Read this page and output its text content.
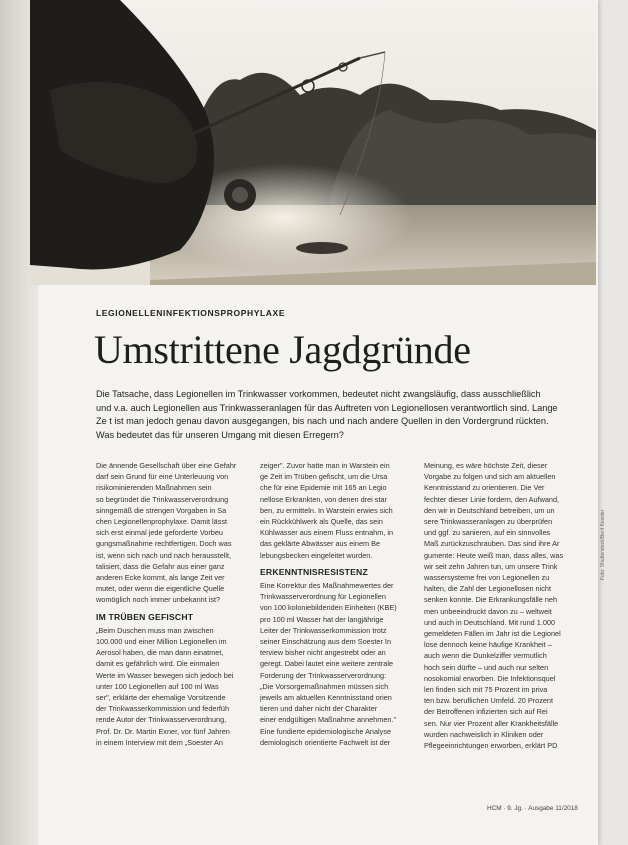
LEGIONELLENINFEKTIONSPROPHYLAXE
Umstrittene Jagdgründe
Die Tatsache, dass Legionellen im Trinkwasser vorkommen, bedeutet nicht zwangsläufig, dass ausschließlich
und v.a. auch Legionellen aus Trinkwasseranlagen für das Auftreten von Legionellosen verantwortlich sind. Lange
Ze t ist man jedoch genau davon ausgegangen, bis nach und nach andere Quellen in den Vordergrund rückten.
Was bedeutet das für unseren Umgang mit diesen Erregern?
Die ännende Gesellschaft über eine Gefahr
darf sein Grund für eine Unterleuung von
risikominierenden Maßnahmen sein
so begründet die Trinkwasserverordnung
sinngemäß die strengen Vorgaben in Sa
chen Legionellenprophylaxe. Damit lässt
sich erst einmal jede geforderte Vorbeu
gungsmaßnahme rechtfertigen. Doch was
ist, wenn sich nach und nach herausstellt,
talisiert, dass die Gefahr aus einer ganz
anderen Ecke kommt, als lange Zeit ver
mutet, oder wenn die eigentliche Quelle
womöglich noch immer unbekannt ist?
IM TRÜBEN GEFISCHT
„Beim Duschen muss man zwischen
100.000 und einer Million Legionellen im
Aerosol haben, die man dann einatmet,
damit es gefährlich wird. Die einmalen
Werte im Wasser bewegen sich jedoch bei
unter 100 Legionellen auf 100 ml Was
ser", erklärte der ehemalige Vorsitzende
der Trinkwasserkommission und federfüh
rende Autor der Trinkwasserverordnung,
Prof. Dr. Dr. Martin Exner, vor fünf Jahren
in einem Interview mit dem „Soester An
zeiger". Zuvor hatte man in Warstein ein
ge Zeit im Trüben gefischt, um die Ursa
che für eine Epidemie mit 165 an Legio
nellose Erkrankten, von denen drei star
ben, zu ermitteln. In Warstein erwies sich
ein Rückkühlwerk als Quelle, das sein
Kühlwasser aus einem Fluss entnahm, in
das geklärte Abwässer aus einem Be
lebungsbecken eingeleitet wurden.
ERKENNTNISRESISTENZ
Eine Korrektur des Maßnahmewertes der
Trinkwasserverordnung für Legionellen
von 100 koloniebildenden Einheiten (KBE)
pro 100 ml Wasser hat der langjährige
Leiter der Trinkwasserkommission trotz
seiner Einschätzung aus dem Soester In
terview bisher nicht angestrebt oder an
geregt. Dabei lautet eine weitere zentrale
Forderung der Trinkwasserverordnung:
„Die Vorsorgemaßnahmen müssen sich
jeweils am aktuellen Kenntnisstand orien
tieren und daher nicht der Charakter
einer endgültigen Maßnahme annehmen."
Eine fundierte epidemiologische Analyse
demiologisch orientierte Fachwelt ist der
Meinung, es wäre höchste Zeit, dieser
Vorgabe zu folgen und sich am aktuellen
Kenntnisstand zu orientieren. Die Ver
fechter dieser Linie fordern, den Aufwand,
den wir in Deutschland betreiben, um un
sere Trinkwasseranlagen zu überprüfen
und ggf. zu sanieren, auf ein sinnvolles
Maß zurückzuschrauben. Das sind ihre Ar
gumente: Heute weiß man, dass alles, was
wir seit zehn Jahren tun, um unsere Trink
wassersysteme frei von Legionellen zu
halten, die Zahl der Legionellosen nicht
senken konnte. Die Erkrankungsfälle neh
men unbeeindruckt davon zu – weltweit
und auch in Deutschland. Mit rund 1.000
gemeldeten Fällen im Jahr ist die Legionel
lose dennoch keine häufige Krankheit –
auch wenn die Dunkelziffer vermutlich
hoch sein dürfte – und auch nur selten
nosokomial erworben. Die Infektionsquel
len finden sich mit 75 Prozent im priva
ten bzw. beruflichen Umfeld. 20 Prozent
der Betroffenen infizierten sich auf Rei
sen. Nur vier Prozent aller Krankheitsfälle
wurden nachweislich in Kliniken oder
Pflegeeinrichtungen erworben, erklärt PD
Foto: Shutterstock/Berit Kessler
HCM · 9. Jg. · Ausgabe 11/2018
